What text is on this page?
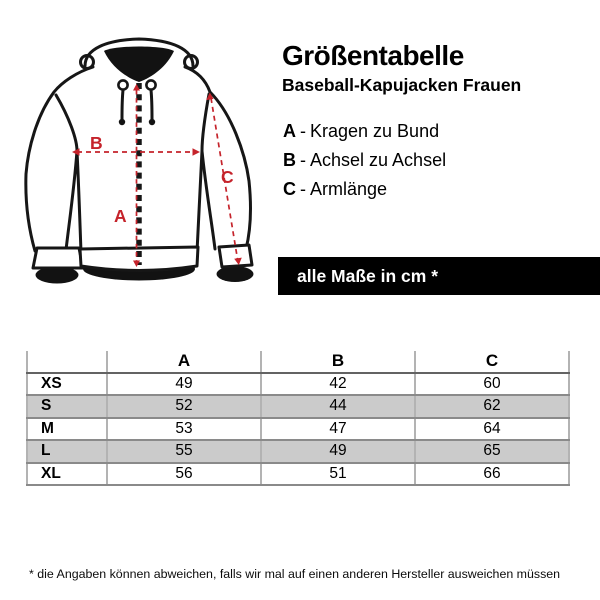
A
B
C
Größentabelle
Baseball-Kapujacken Frauen
A - Kragen zu Bund
B - Achsel zu Achsel
C - Armlänge
alle Maße in cm *
	A	B	C
XS	49	42	60
S	52	44	62
M	53	47	64
L	55	49	65
XL	56	51	66
* die Angaben können abweichen, falls wir mal auf einen anderen Hersteller ausweichen müssen
